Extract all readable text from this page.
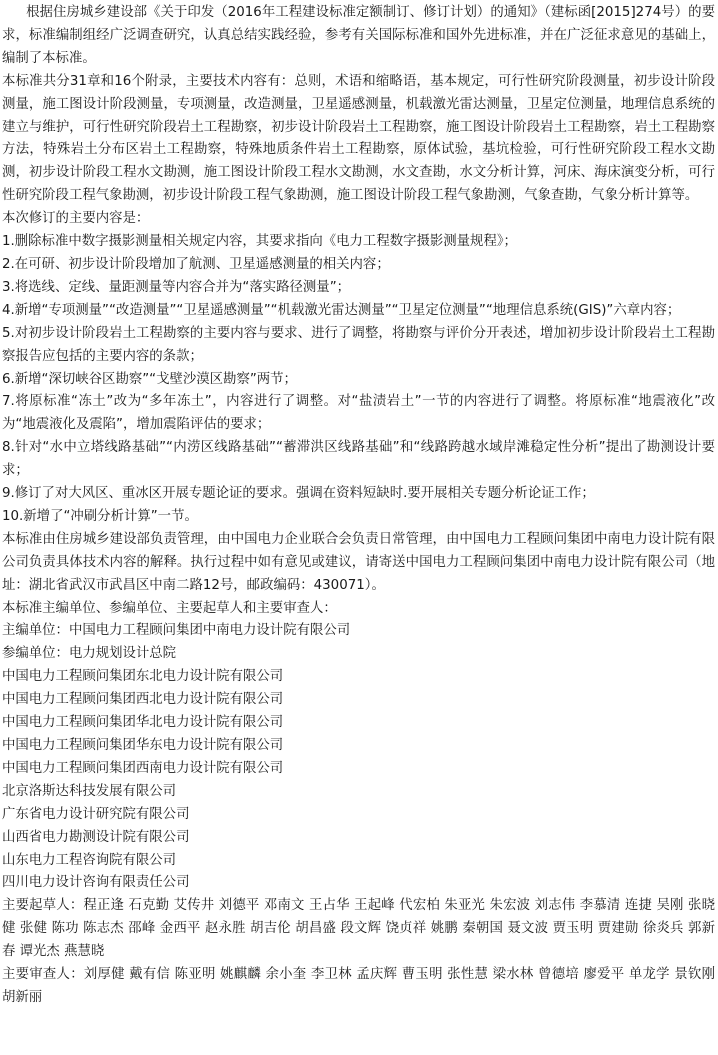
根据住房城乡建设部《关于印发（2016年工程建设标准定额制订、修订计划）的通知》（建标函[2015]274号）的要求，标准编制组经广泛调查研究，认真总结实践经验，参考有关国际标准和国外先进标准，并在广泛征求意见的基础上，编制了本标准。

本标准共分31章和16个附录，主要技术内容有：总则，术语和缩略语，基本规定，可行性研究阶段测量，初步设计阶段测量，施工图设计阶段测量，专项测量，改造测量，卫星遥感测量，机载激光雷达测量，卫星定位测量，地理信息系统的建立与维护，可行性研究阶段岩土工程勘察，初步设计阶段岩土工程勘察，施工图设计阶段岩土工程勘察，岩土工程勘察方法，特殊岩土分布区岩土工程勘察，特殊地质条件岩土工程勘察，原体试验，基坑检验，可行性研究阶段工程水文勘测，初步设计阶段工程水文勘测，施工图设计阶段工程水文勘测，水文查勘，水文分析计算，河床、海床演变分析，可行性研究阶段工程气象勘测，初步设计阶段工程气象勘测，施工图设计阶段工程气象勘测，气象查勘，气象分析计算等。

本次修订的主要内容是：

1.删除标准中数字摄影测量相关规定内容，其要求指向《电力工程数字摄影测量规程》；

2.在可研、初步设计阶段增加了航测、卫星遥感测量的相关内容；

3.将选线、定线、量距测量等内容合并为“落实路径测量”；

4.新增“专项测量”“改造测量”“卫星遥感测量”“机载激光雷达测量”“卫星定位测量”“地理信息系统(GIS)”六章内容；

5.对初步设计阶段岩土工程勘察的主要内容与要求、进行了调整，将勘察与评价分开表述，增加初步设计阶段岩土工程勘察报告应包括的主要内容的条款；

6.新增“深切峡谷区勘察”“戈壁沙漠区勘察”两节；

7.将原标准“冻土”改为“多年冻土”，内容进行了调整。对“盐渍岩土”一节的内容进行了调整。将原标准“地震液化”改为“地震液化及震陷”，增加震陷评估的要求；

8.针对“水中立塔线路基础”“内涝区线路基础”“蓄滞洪区线路基础”和“线路跨越水域岸滩稳定性分析”提出了勘测设计要求；

9.修订了对大风区、重冰区开展专题论证的要求。强调在资料短缺时.要开展相关专题分析论证工作；

10.新增了“冲刷分析计算”一节。

本标准由住房城乡建设部负责管理，由中国电力企业联合会负责日常管理，由中国电力工程顾问集团中南电力设计院有限公司负责具体技术内容的解释。执行过程中如有意见或建议，请寄送中国电力工程顾问集团中南电力设计院有限公司（地址：湖北省武汉市武昌区中南二路12号，邮政编码：430071）。

本标准主编单位、参编单位、主要起草人和主要审查人：

主编单位：中国电力工程顾问集团中南电力设计院有限公司

参编单位：电力规划设计总院

中国电力工程顾问集团东北电力设计院有限公司

中国电力工程顾问集团西北电力设计院有限公司

中国电力工程顾问集团华北电力设计院有限公司

中国电力工程顾问集团华东电力设计院有限公司

中国电力工程顾问集团西南电力设计院有限公司

北京洛斯达科技发展有限公司

广东省电力设计研究院有限公司

山西省电力勘测设计院有限公司

山东电力工程咨询院有限公司

四川电力设计咨询有限责任公司

主要起草人：程正逢 石克勤 艾传井 刘德平 邓南文 王占华 王起峰 代宏柏 朱亚光 朱宏波 刘志伟 李慕清 连捷 吴刚 张晓健 张健 陈功 陈志杰 邵峰 金西平 赵永胜 胡吉伦 胡昌盛 段文辉 饶贞祥 姚鹏 秦朝国 聂文波 贾玉明 贾建勋 徐炎兵 郭新春 谭光杰 燕慧晓

主要审查人：刘厚健 戴有信 陈亚明 姚麒麟 余小奎 李卫林 孟庆辉 曹玉明 张性慧 梁水林 曾德培 廖爱平 单龙学 景钦刚 胡新丽
